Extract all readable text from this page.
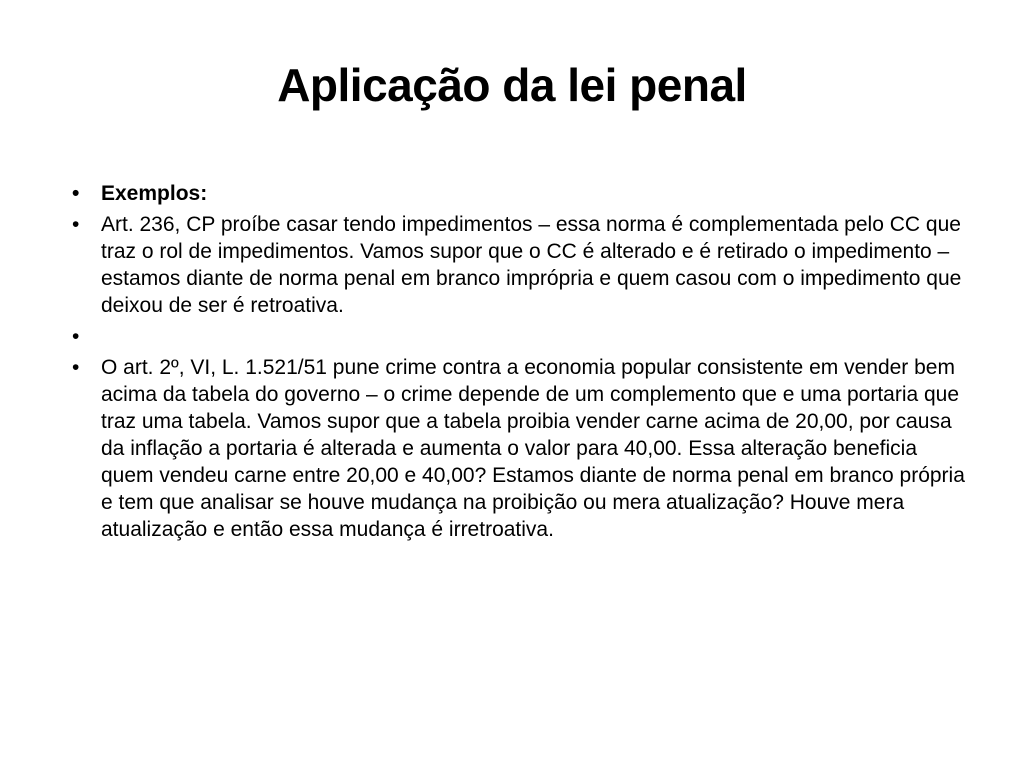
Aplicação da lei penal
•	Exemplos:
•	Art. 236, CP proíbe casar tendo impedimentos – essa norma é complementada pelo CC que traz o rol de impedimentos. Vamos supor que o CC é alterado e é retirado o impedimento – estamos diante de norma penal em branco imprópria e quem casou com o impedimento que deixou de ser é retroativa.
•
•	O art. 2º, VI, L. 1.521/51 pune crime contra a economia popular consistente em vender bem acima da tabela do governo – o crime depende de um complemento que e uma portaria que traz uma tabela. Vamos supor que a tabela proibia vender carne acima de 20,00, por causa da inflação a portaria é alterada e aumenta o valor para 40,00. Essa alteração beneficia quem vendeu carne entre 20,00 e 40,00? Estamos diante de norma penal em branco própria e tem que analisar se houve mudança na proibição ou mera atualização? Houve mera atualização e então essa mudança é irretroativa.
